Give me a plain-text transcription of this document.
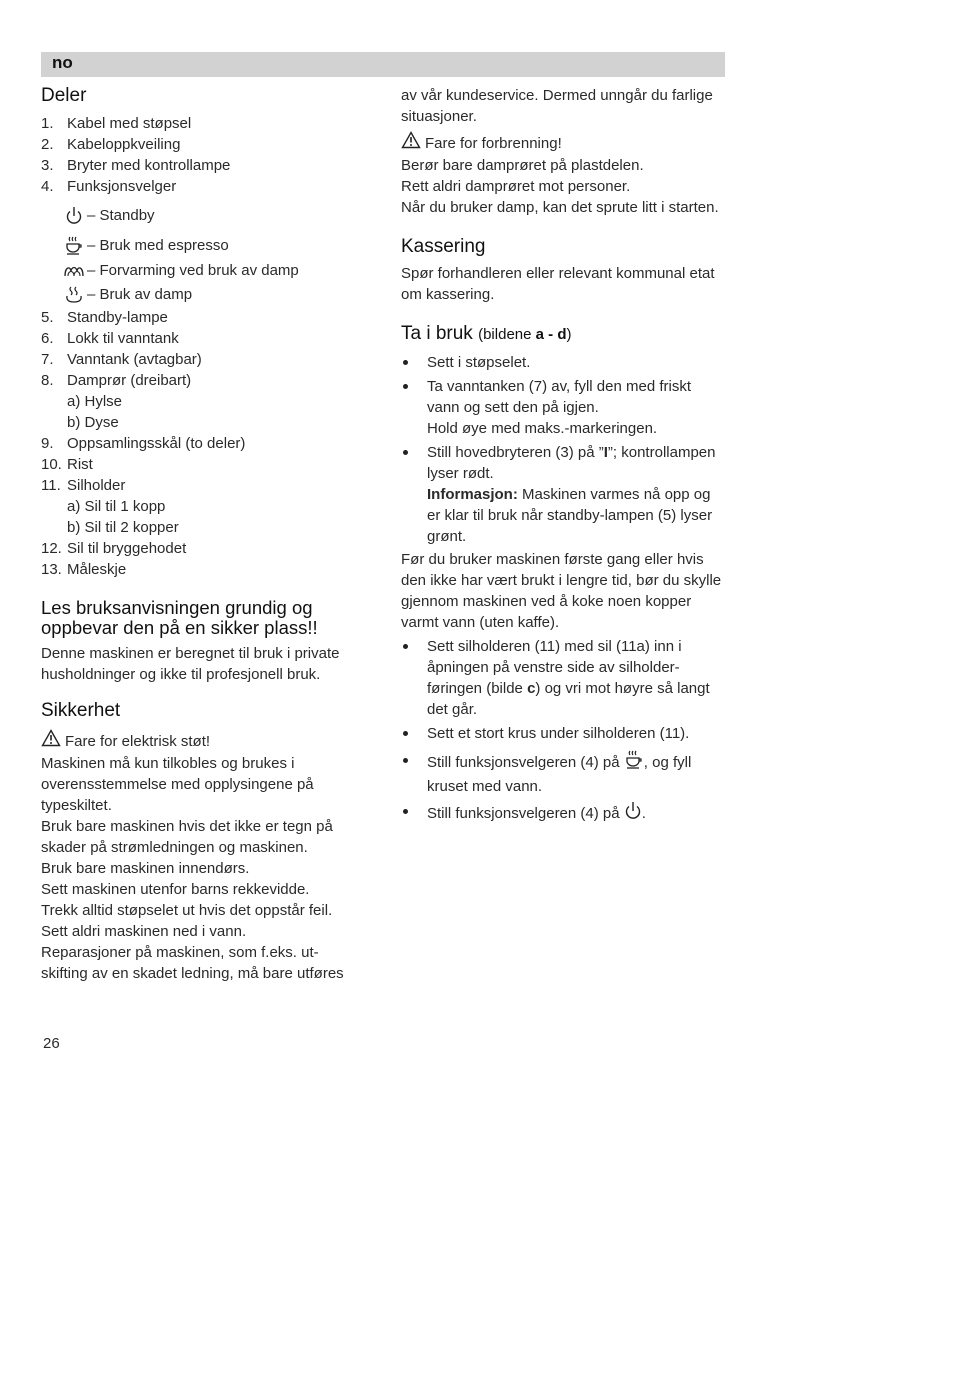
no
Deler
1. Kabel med støpsel
2. Kabeloppkveiling
3. Bryter med kontrollampe
4. Funksjonsvelger
– Standby
– Bruk med espresso
– Forvarming ved bruk av damp
– Bruk av damp
5. Standby-lampe
6. Lokk til vanntank
7. Vanntank (avtagbar)
8. Damprør (dreibart)
a) Hylse
b) Dyse
9. Oppsamlingsskål (to deler)
10. Rist
11. Silholder
a) Sil til 1 kopp
b) Sil til 2 kopper
12. Sil til bryggehodet
13. Måleskje
Les bruksanvisningen grundig og oppbevar den på en sikker plass!!

Denne maskinen er beregnet til bruk i private husholdninger og ikke til profesjonell bruk.

Sikkerhet
Fare for elektrisk støt!

Maskinen må kun tilkobles og brukes i overensstemmelse med opplysingene på typeskiltet.

Bruk bare maskinen hvis det ikke er tegn på skader på strømledningen og maskinen.

Bruk bare maskinen innendørs.

Sett maskinen utenfor barns rekkevidde.

Trekk alltid støpselet ut hvis det oppstår feil.

Sett aldri maskinen ned i vann.

Reparasjoner på maskinen, som f.eks. ut-skifting av en skadet ledning, må bare utføres

av vår kundeservice. Dermed unngår du farlige situasjoner.

Fare for forbrenning!

Berør bare damprøret på plastdelen.

Rett aldri damprøret mot personer.

Når du bruker damp, kan det sprute litt i starten.

Kassering

Spør forhandleren eller relevant kommunal etat om kassering.

Ta i bruk (bildene a - d)
Sett i støpselet.
Ta vanntanken (7) av, fyll den med friskt vann og sett den på igjen.
Hold øye med maks.-markeringen.
Still hovedbryteren (3) på ”I”; kontrollampen lyser rødt.
Informasjon: Maskinen varmes nå opp og er klar til bruk når standby-lampen (5) lyser grønt.

Før du bruker maskinen første gang eller hvis den ikke har vært brukt i lengre tid, bør du skylle gjennom maskinen ved å koke noen kopper varmt vann (uten kaffe).

Sett silholderen (11) med sil (11a) inn i åpningen på venstre side av silholder-føringen (bilde c) og vri mot høyre så langt det går.
Sett et stort krus under silholderen (11).
Still funksjonsvelgeren (4) på , og fyll kruset med vann.
Still funksjonsvelgeren (4) på .
26
